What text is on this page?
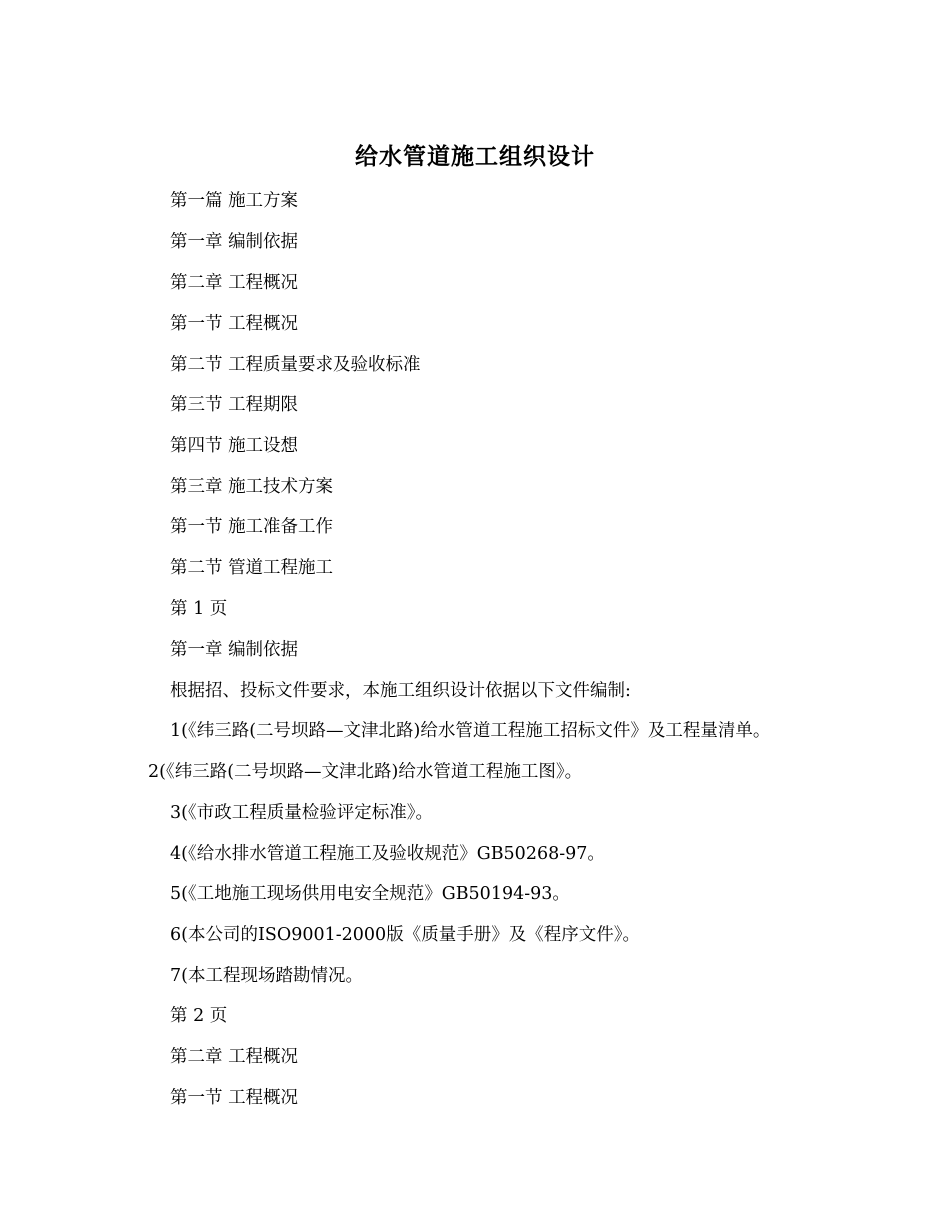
给水管道施工组织设计
第一篇 施工方案
第一章 编制依据
第二章 工程概况
第一节 工程概况
第二节 工程质量要求及验收标准
第三节 工程期限
第四节 施工设想
第三章 施工技术方案
第一节 施工准备工作
第二节 管道工程施工
第 1 页
第一章 编制依据
根据招、投标文件要求，本施工组织设计依据以下文件编制:
1(《纬三路(二号坝路—文津北路)给水管道工程施工招标文件》及工程量清单。
2(《纬三路(二号坝路—文津北路)给水管道工程施工图》。
3(《市政工程质量检验评定标准》。
4(《给水排水管道工程施工及验收规范》GB50268-97。
5(《工地施工现场供用电安全规范》GB50194-93。
6(本公司的ISO9001-2000版《质量手册》及《程序文件》。
7(本工程现场踏勘情况。
第 2 页
第二章 工程概况
第一节 工程概况
